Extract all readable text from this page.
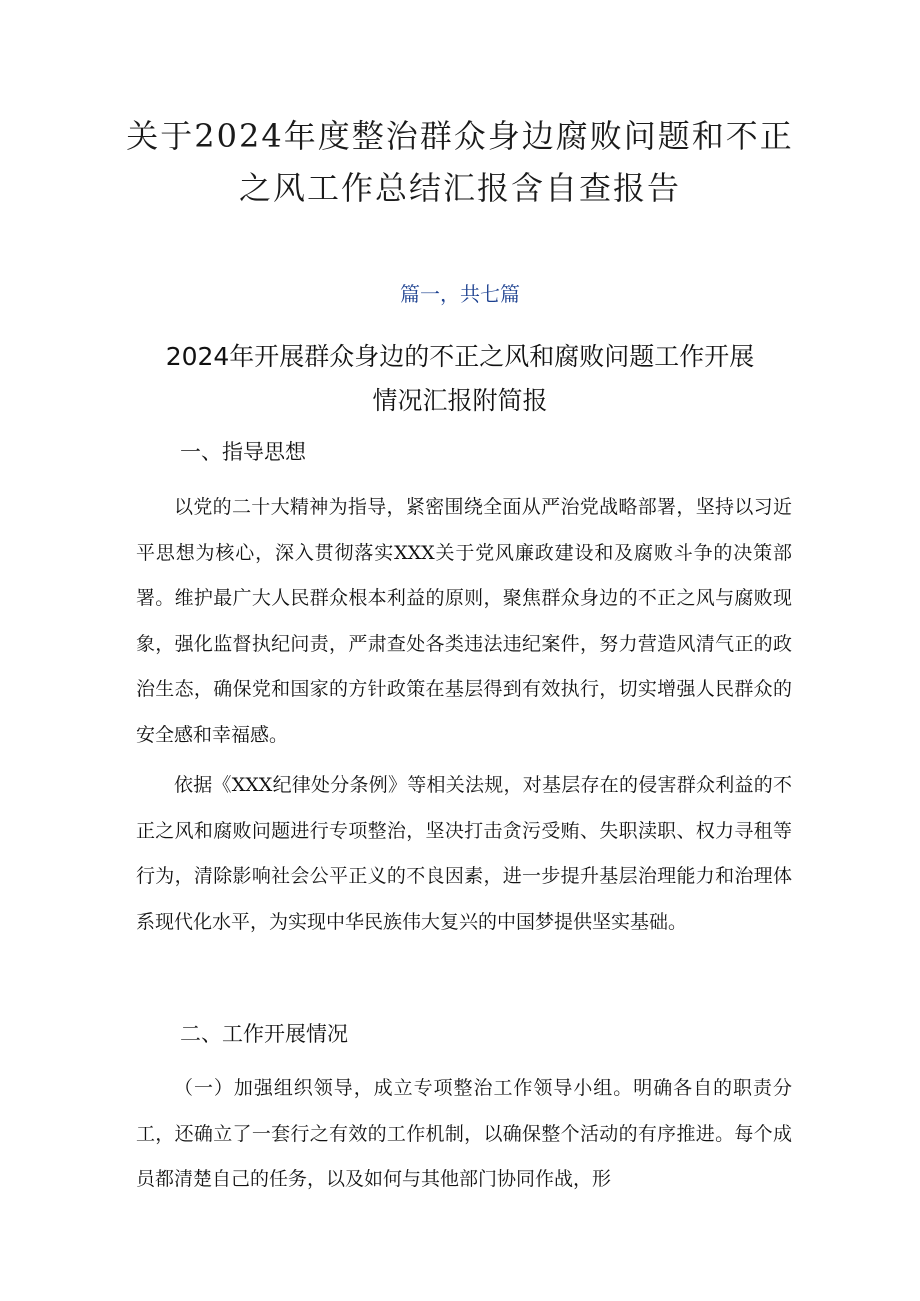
关于2024年度整治群众身边腐败问题和不正之风工作总结汇报含自查报告
篇一，共七篇
2024年开展群众身边的不正之风和腐败问题工作开展情况汇报附简报
一、指导思想

以党的二十大精神为指导，紧密围绕全面从严治党战略部署，坚持以习近平思想为核心，深入贯彻落实XXX关于党风廉政建设和及腐败斗争的决策部署。维护最广大人民群众根本利益的原则，聚焦群众身边的不正之风与腐败现象，强化监督执纪问责，严肃查处各类违法违纪案件，努力营造风清气正的政治生态，确保党和国家的方针政策在基层得到有效执行，切实增强人民群众的安全感和幸福感。

依据《XXX纪律处分条例》等相关法规，对基层存在的侵害群众利益的不正之风和腐败问题进行专项整治，坚决打击贪污受贿、失职渎职、权力寻租等行为，清除影响社会公平正义的不良因素，进一步提升基层治理能力和治理体系现代化水平，为实现中华民族伟大复兴的中国梦提供坚实基础。

二、工作开展情况

（一）加强组织领导，成立专项整治工作领导小组。明确各自的职责分工，还确立了一套行之有效的工作机制，以确保整个活动的有序推进。每个成员都清楚自己的任务，以及如何与其他部门协同作战，形
